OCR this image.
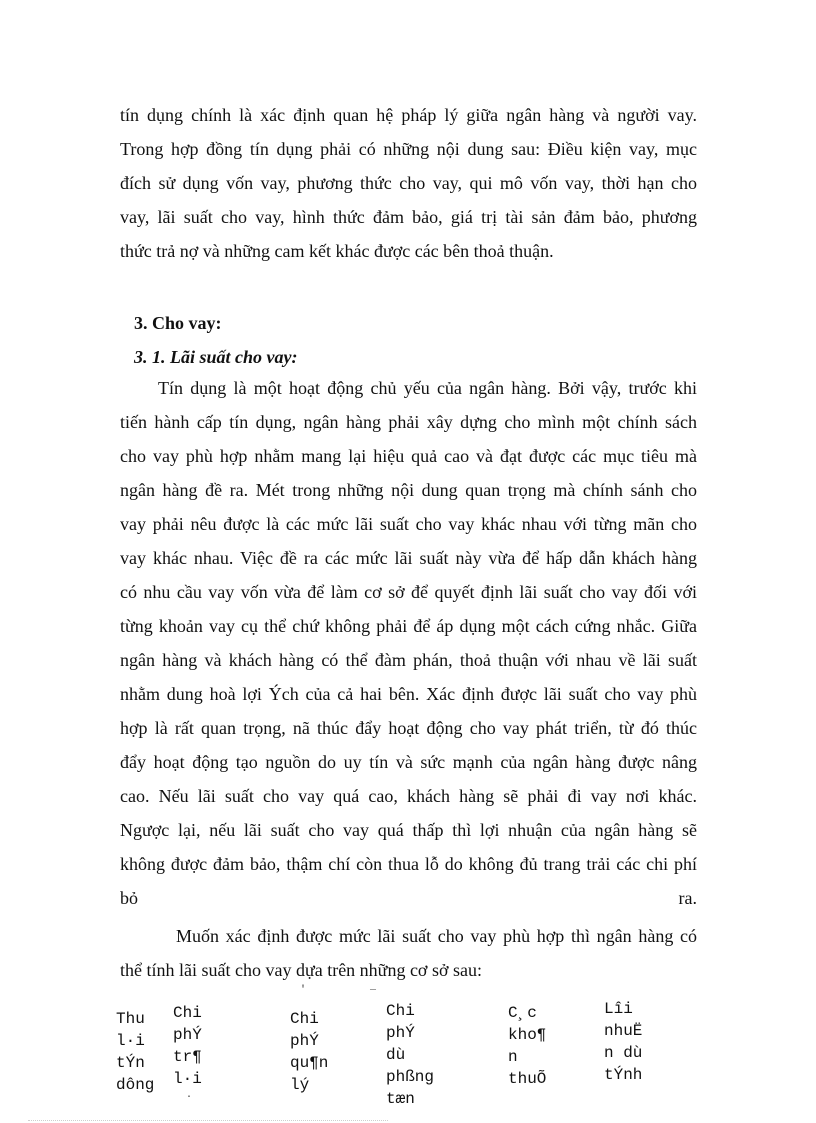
tín dụng chính là xác định quan hệ pháp lý giữa ngân hàng và người vay.
Trong hợp đồng tín dụng phải có những nội dung sau: Điều kiện vay, mục
đích sử dụng vốn vay, phương thức cho vay, qui mô vốn vay, thời hạn cho
vay, lãi suất cho vay, hình thức đảm bảo, giá trị tài sản đảm bảo, phương
thức trả nợ và những cam kết khác được các bên thoả thuận.
3. Cho vay:
3. 1. Lãi suất cho vay:
Tín dụng là một hoạt động chủ yếu của ngân hàng. Bởi vậy, trước khi
tiến hành cấp tín dụng, ngân hàng phải xây dựng cho mình một chính sách
cho vay phù hợp nhằm mang lại hiệu quả cao và đạt được các mục tiêu mà
ngân hàng đề ra. Mét trong những nội dung quan trọng mà chính sánh cho
vay phải nêu được là các mức lãi suất cho vay khác nhau với từng mãn cho
vay khác nhau. Việc đề ra các mức lãi suất này vừa để hấp dẫn khách hàng
có nhu cầu vay vốn vừa để làm cơ sở để quyết định lãi suất cho vay đối với
từng khoản vay cụ thể chứ không phải để áp dụng một cách cứng nhắc. Giữa
ngân hàng và khách hàng có thể đàm phán, thoả thuận với nhau về lãi suất
nhằm dung hoà lợi Ých của cả hai bên. Xác định được lãi suất cho vay phù
hợp là rất quan trọng, nã thúc đẩy hoạt động cho vay phát triển, từ đó thúc
đẩy hoạt động tạo nguồn do uy tín và sức mạnh của ngân hàng được nâng
cao. Nếu lãi suất cho vay quá cao, khách hàng sẽ phải đi vay nơi khác.
Ngược lại, nếu lãi suất cho vay quá thấp thì lợi nhuận của ngân hàng sẽ
không được đảm bảo, thậm chí còn thua lỗ do không đủ trang trải các chi phí
bỏ	ra.
Muốn xác định được mức lãi suất cho vay phù hợp thì ngân hàng có
thể tính lãi suất cho vay dựa trên những cơ sở sau:
Thu
l·i
tÝn
dông
Chi
phÝ
tr¶
l·i
Chi
phÝ
qu¶n
lý
Chi
phÝ
dù
phßng
tæn
C¸c
kho¶
n
thuÕ
Lîi
nhuË
n dù
tÝnh
'	¯
·
